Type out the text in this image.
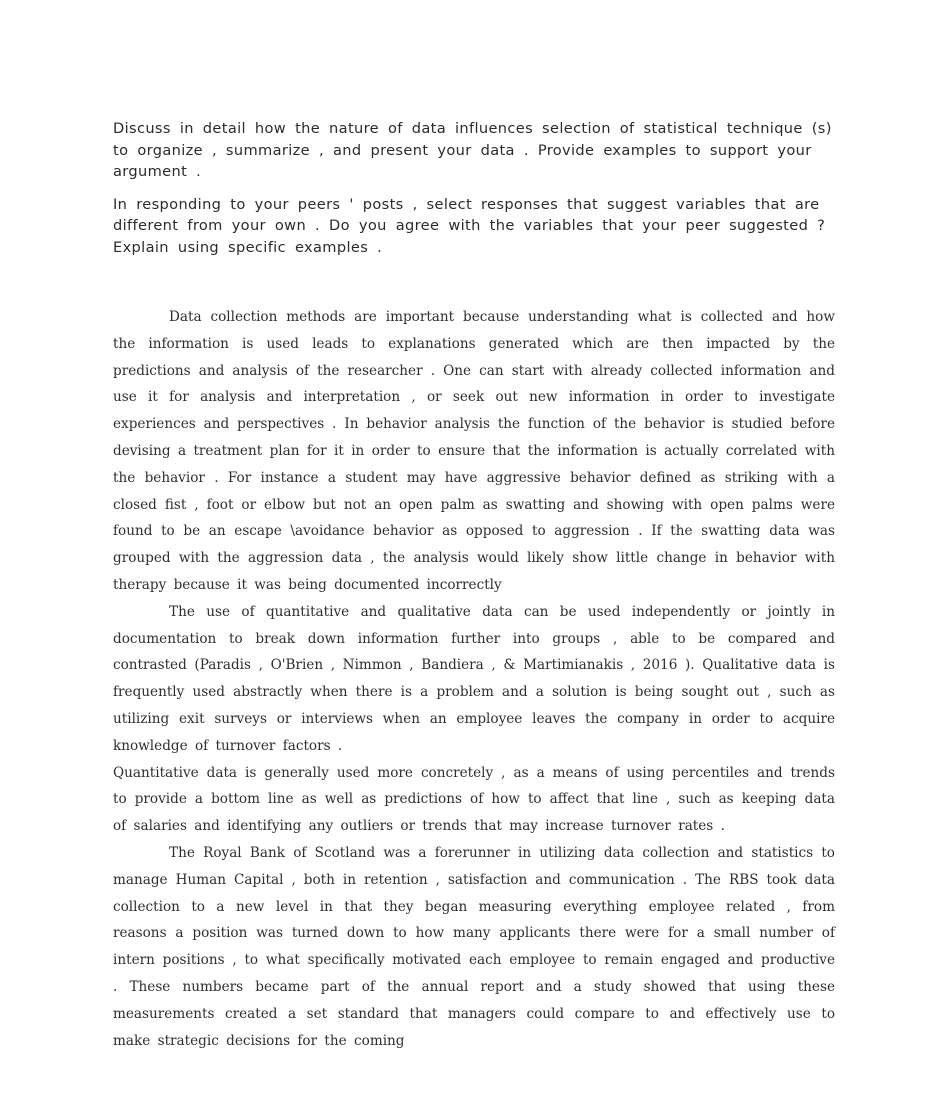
Discuss in detail how the nature of data influences selection of statistical technique (s) to organize , summarize , and present your data . Provide examples to support your argument .

In responding to your peers ' posts , select responses that suggest variables that are different from your own . Do you agree with the variables that your peer suggested ? Explain using specific examples .

Data collection methods are important because understanding what is collected and how the information is used leads to explanations generated which are then impacted by the predictions and analysis of the researcher . One can start with already collected information and use it for analysis and interpretation , or seek out new information in order to investigate experiences and perspectives . In behavior analysis the function of the behavior is studied before devising a treatment plan for it in order to ensure that the information is actually correlated with the behavior . For instance a student may have aggressive behavior defined as striking with a closed fist , foot or elbow but not an open palm as swatting and showing with open palms were found to be an escape \avoidance behavior as opposed to aggression . If the swatting data was grouped with the aggression data , the analysis would likely show little change in behavior with therapy because it was being documented incorrectly

The use of quantitative and qualitative data can be used independently or jointly in documentation to break down information further into groups , able to be compared and contrasted (Paradis , O'Brien , Nimmon , Bandiera , & Martimianakis , 2016 ). Qualitative data is frequently used abstractly when there is a problem and a solution is being sought out , such as utilizing exit surveys or interviews when an employee leaves the company in order to acquire knowledge of turnover factors .

Quantitative data is generally used more concretely , as a means of using percentiles and trends to provide a bottom line as well as predictions of how to affect that line , such as keeping data of salaries and identifying any outliers or trends that may increase turnover rates .

The Royal Bank of Scotland was a forerunner in utilizing data collection and statistics to manage Human Capital , both in retention , satisfaction and communication . The RBS took data collection to a new level in that they began measuring everything employee related , from reasons a position was turned down to how many applicants there were for a small number of intern positions , to what specifically motivated each employee to remain engaged and productive . These numbers became part of the annual report and a study showed that using these measurements created a set standard that managers could compare to and effectively use to make strategic decisions for the coming
